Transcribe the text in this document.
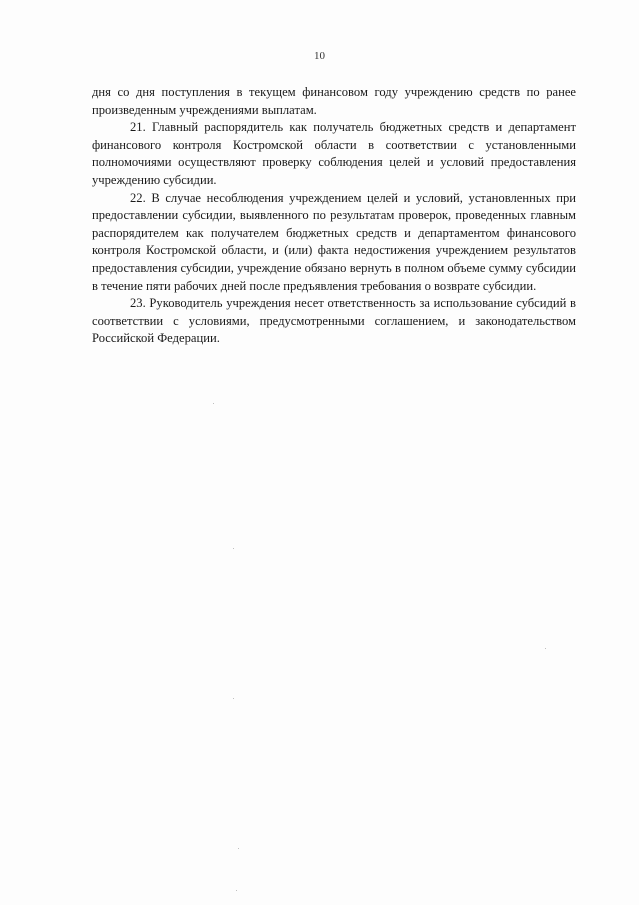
10

дня со дня поступления в текущем финансовом году учреждению средств по ранее произведенным учреждениями выплатам.

21. Главный распорядитель как получатель бюджетных средств и департамент финансового контроля Костромской области в соответствии с установленными полномочиями осуществляют проверку соблюдения целей и условий предоставления учреждению субсидии.

22. В случае несоблюдения учреждением целей и условий, установленных при предоставлении субсидии, выявленного по результатам проверок, проведенных главным распорядителем как получателем бюджетных средств и департаментом финансового контроля Костромской области, и (или) факта недостижения учреждением результатов предоставления субсидии, учреждение обязано вернуть в полном объеме сумму субсидии в течение пяти рабочих дней после предъявления требования о возврате субсидии.

23. Руководитель учреждения несет ответственность за использование субсидий в соответствии с условиями, предусмотренными соглашением, и законодательством Российской Федерации.
